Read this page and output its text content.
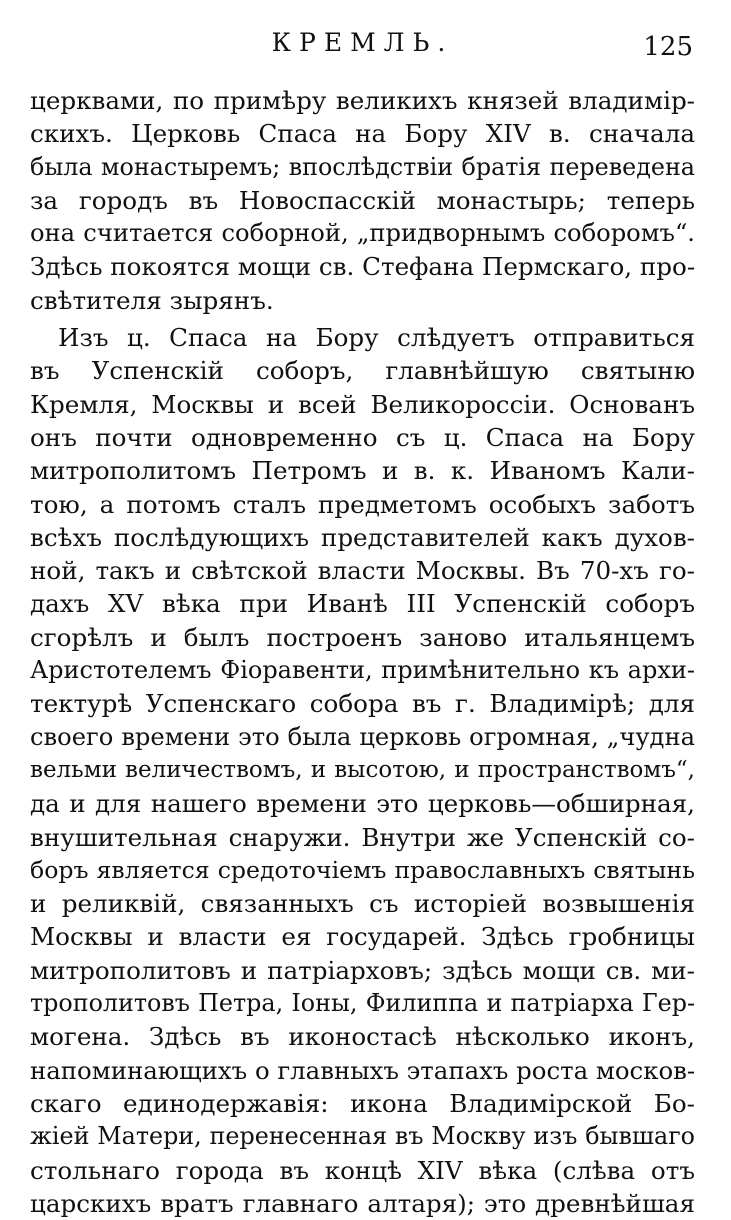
КРЕМЛЬ.	125
церквами, по примѣру великихъ князей владимір-
скихъ. Церковь Спаса на Бору XIV в. сначала
была монастыремъ; впослѣдствіи братія переведена
за городъ въ Новоспасскій монастырь; теперь
она считается соборной, „придворнымъ соборомъ“.
Здѣсь покоятся мощи св. Стефана Пермскаго, про-
свѣтителя зырянъ.
Изъ ц. Спаса на Бору слѣдуетъ отправиться
въ Успенскій соборъ, главнѣйшую святыню
Кремля, Москвы и всей Великороссіи. Основанъ
онъ почти одновременно съ ц. Спаса на Бору
митрополитомъ Петромъ и в. к. Иваномъ Кали-
тою, а потомъ сталъ предметомъ особыхъ заботъ
всѣхъ послѣдующихъ представителей какъ духов-
ной, такъ и свѣтской власти Москвы. Въ 70-хъ го-
дахъ XV вѣка при Иванѣ III Успенскій соборъ
сгорѣлъ и былъ построенъ заново итальянцемъ
Аристотелемъ Фіоравенти, примѣнительно къ архи-
тектурѣ Успенскаго собора въ г. Владимірѣ; для
своего времени это была церковь огромная, „чудна
вельми величествомъ, и высотою, и пространствомъ“,
да и для нашего времени это церковь—обширная,
внушительная снаружи. Внутри же Успенскій со-
боръ является средоточіемъ православныхъ святынь
и реликвій, связанныхъ съ исторіей возвышенія
Москвы и власти ея государей. Здѣсь гробницы
митрополитовъ и патріарховъ; здѣсь мощи св. ми-
трополитовъ Петра, Іоны, Филиппа и патріарха Гер-
могена. Здѣсь въ иконостасѣ нѣсколько иконъ,
напоминающихъ о главныхъ этапахъ роста москов-
скаго единодержавія: икона Владимірской Бо-
жіей Матери, перенесенная въ Москву изъ бывшаго
стольнаго города въ концѣ XIV вѣка (слѣва отъ
царскихъ вратъ главнаго алтаря); это древнѣйшая
